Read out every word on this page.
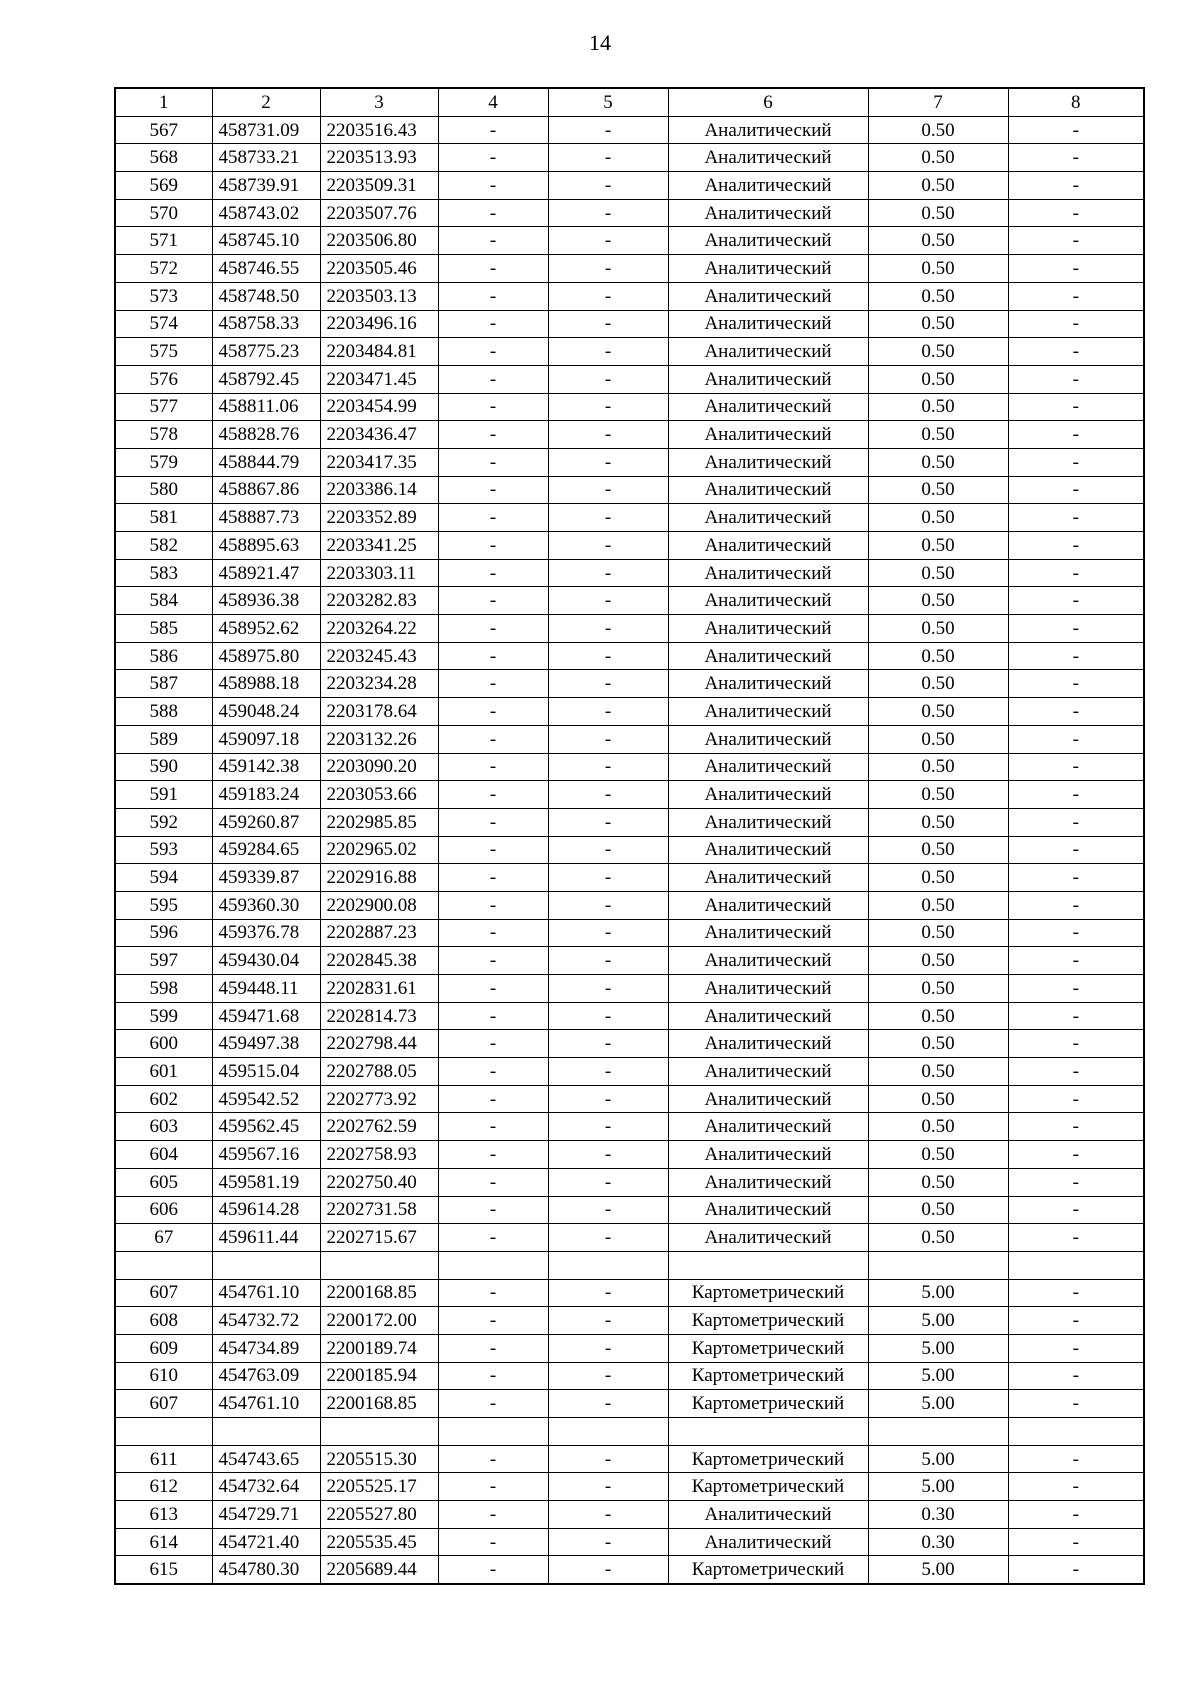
14
1	2	3	4	5	6	7	8
567	458731.09	2203516.43	-	-	Аналитический	0.50	-
568	458733.21	2203513.93	-	-	Аналитический	0.50	-
569	458739.91	2203509.31	-	-	Аналитический	0.50	-
570	458743.02	2203507.76	-	-	Аналитический	0.50	-
571	458745.10	2203506.80	-	-	Аналитический	0.50	-
572	458746.55	2203505.46	-	-	Аналитический	0.50	-
573	458748.50	2203503.13	-	-	Аналитический	0.50	-
574	458758.33	2203496.16	-	-	Аналитический	0.50	-
575	458775.23	2203484.81	-	-	Аналитический	0.50	-
576	458792.45	2203471.45	-	-	Аналитический	0.50	-
577	458811.06	2203454.99	-	-	Аналитический	0.50	-
578	458828.76	2203436.47	-	-	Аналитический	0.50	-
579	458844.79	2203417.35	-	-	Аналитический	0.50	-
580	458867.86	2203386.14	-	-	Аналитический	0.50	-
581	458887.73	2203352.89	-	-	Аналитический	0.50	-
582	458895.63	2203341.25	-	-	Аналитический	0.50	-
583	458921.47	2203303.11	-	-	Аналитический	0.50	-
584	458936.38	2203282.83	-	-	Аналитический	0.50	-
585	458952.62	2203264.22	-	-	Аналитический	0.50	-
586	458975.80	2203245.43	-	-	Аналитический	0.50	-
587	458988.18	2203234.28	-	-	Аналитический	0.50	-
588	459048.24	2203178.64	-	-	Аналитический	0.50	-
589	459097.18	2203132.26	-	-	Аналитический	0.50	-
590	459142.38	2203090.20	-	-	Аналитический	0.50	-
591	459183.24	2203053.66	-	-	Аналитический	0.50	-
592	459260.87	2202985.85	-	-	Аналитический	0.50	-
593	459284.65	2202965.02	-	-	Аналитический	0.50	-
594	459339.87	2202916.88	-	-	Аналитический	0.50	-
595	459360.30	2202900.08	-	-	Аналитический	0.50	-
596	459376.78	2202887.23	-	-	Аналитический	0.50	-
597	459430.04	2202845.38	-	-	Аналитический	0.50	-
598	459448.11	2202831.61	-	-	Аналитический	0.50	-
599	459471.68	2202814.73	-	-	Аналитический	0.50	-
600	459497.38	2202798.44	-	-	Аналитический	0.50	-
601	459515.04	2202788.05	-	-	Аналитический	0.50	-
602	459542.52	2202773.92	-	-	Аналитический	0.50	-
603	459562.45	2202762.59	-	-	Аналитический	0.50	-
604	459567.16	2202758.93	-	-	Аналитический	0.50	-
605	459581.19	2202750.40	-	-	Аналитический	0.50	-
606	459614.28	2202731.58	-	-	Аналитический	0.50	-
67	459611.44	2202715.67	-	-	Аналитический	0.50	-

607	454761.10	2200168.85	-	-	Картометрический	5.00	-
608	454732.72	2200172.00	-	-	Картометрический	5.00	-
609	454734.89	2200189.74	-	-	Картометрический	5.00	-
610	454763.09	2200185.94	-	-	Картометрический	5.00	-
607	454761.10	2200168.85	-	-	Картометрический	5.00	-

611	454743.65	2205515.30	-	-	Картометрический	5.00	-
612	454732.64	2205525.17	-	-	Картометрический	5.00	-
613	454729.71	2205527.80	-	-	Аналитический	0.30	-
614	454721.40	2205535.45	-	-	Аналитический	0.30	-
615	454780.30	2205689.44	-	-	Картометрический	5.00	-
